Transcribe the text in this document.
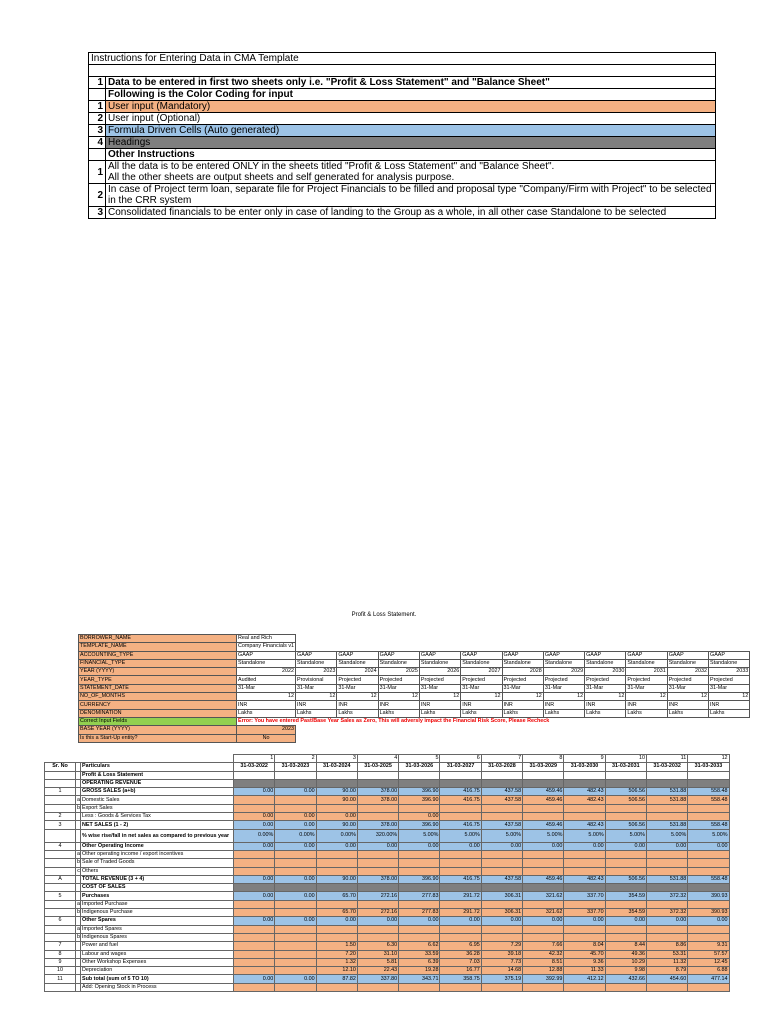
Instructions for Entering Data in CMA Template	

1	Data to be entered in first two sheets only i.e. "Profit & Loss Statement" and "Balance Sheet"
	Following is the Color Coding for input
1	User input (Mandatory)
2	User input (Optional)
3	Formula Driven Cells (Auto generated)
4	Headings
	Other Instructions
1	All the data is to be entered ONLY in the sheets titled "Profit & Loss Statement" and "Balance Sheet".
All the other sheets are output sheets and self generated for analysis purpose.
2	In case of Project term loan, separate file for Project Financials to be filled and proposal type "Company/Firm with Project" to be selected
in the CRR system
3	Consolidated financials to be enter only in case of landing to the Group as a whole, in all other case Standalone to be selected
Profit & Loss Statement.
BORROWER_NAME	Real and Rich											
TEMPLATE_NAME	Company Financials v1											
ACCOUNTING_TYPE	GAAP	GAAP	GAAP	GAAP	GAAP	GAAP	GAAP	GAAP	GAAP	GAAP	GAAP	GAAP
FINANCIAL_TYPE	Standalone	Standalone	Standalone	Standalone	Standalone	Standalone	Standalone	Standalone	Standalone	Standalone	Standalone	Standalone
YEAR (YYYY)	2022	2023	2024	2025	2026	2027	2028	2029	2030	2031	2032	2033
YEAR_TYPE	Audited	Provisional	Projected	Projected	Projected	Projected	Projected	Projected	Projected	Projected	Projected	Projected
STATEMENT_DATE	31-Mar	31-Mar	31-Mar	31-Mar	31-Mar	31-Mar	31-Mar	31-Mar	31-Mar	31-Mar	31-Mar	31-Mar
NO_OF_MONTHS	12	12	12	12	12	12	12	12	12	12	12	12
CURRENCY	INR	INR	INR	INR	INR	INR	INR	INR	INR	INR	INR	INR
DENOMINATION	Lakhs	Lakhs	Lakhs	Lakhs	Lakhs	Lakhs	Lakhs	Lakhs	Lakhs	Lakhs	Lakhs	Lakhs
Correct Input Fields	Error: You have entered Past/Base Year Sales as Zero, This will adversly impact the Financial Risk Score, Please Recheck											
BASE YEAR (YYYY)	2023											
Is this a Start-Up entity?	No											
			1	2	3	4	5	6	7	8	9	10	11	12
Sr. No		Particulars	31-03-2022	31-03-2023	31-03-2024	31-03-2025	31-03-2026	31-03-2027	31-03-2028	31-03-2029	31-03-2030	31-03-2031	31-03-2032	31-03-2033
		Profit & Loss Statement												
		OPERATING REVENUE												
1		GROSS SALES (a+b)	0.00	0.00	90.00	378.00	396.90	416.75	437.58	459.46	482.43	506.56	531.88	558.48
	a	Domestic Sales			90.00	378.00	396.90	416.75	437.58	459.46	482.43	506.56	531.88	558.48
	b	Export Sales												
2		Less : Goods & Services Tax	0.00	0.00	0.00		0.00							
3		NET SALES (1 - 2)	0.00	0.00	90.00	378.00	396.90	416.75	437.58	459.46	482.43	506.56	531.88	558.48
		% wise rise/fall in net sales as compared to previous year	0.00%	0.00%	0.00%	320.00%	5.00%	5.00%	5.00%	5.00%	5.00%	5.00%	5.00%	5.00%
4		Other Operating Income	0.00	0.00	0.00	0.00	0.00	0.00	0.00	0.00	0.00	0.00	0.00	0.00
	a	Other operating income / export incentives												
	b	Sale of Traded Goods												
	c	Others												
A		TOTAL REVENUE (3 + 4)	0.00	0.00	90.00	378.00	396.90	416.75	437.58	459.46	482.43	506.56	531.88	558.48
		COST OF SALES												
5		Purchases	0.00	0.00	65.70	272.16	277.83	291.72	306.31	321.62	337.70	354.59	372.32	390.93
	a	Imported Purchase												
	b	Indigenous Purchase			65.70	272.16	277.83	291.72	306.31	321.62	337.70	354.59	372.32	390.93
6		Other Spares	0.00	0.00	0.00	0.00	0.00	0.00	0.00	0.00	0.00	0.00	0.00	0.00
	a	Imported Spares												
	b	Indigenous Spares												
7		Power and fuel			1.50	6.30	6.62	6.95	7.29	7.66	8.04	8.44	8.86	9.31
8		Labour and wages			7.20	31.10	33.59	36.28	39.18	42.32	45.70	49.36	53.31	57.57
9		Other Workshop Expenses			1.32	5.81	6.39	7.03	7.73	8.51	9.36	10.29	11.32	12.45
10		Depreciation			12.10	22.43	19.28	16.77	14.68	12.88	11.33	9.98	8.79	6.88
11		Sub total (sum of 5 TO 10)	0.00	0.00	87.82	337.80	343.71	358.75	375.19	392.99	412.12	432.66	454.60	477.14
		Add: Opening Stock in Process												
